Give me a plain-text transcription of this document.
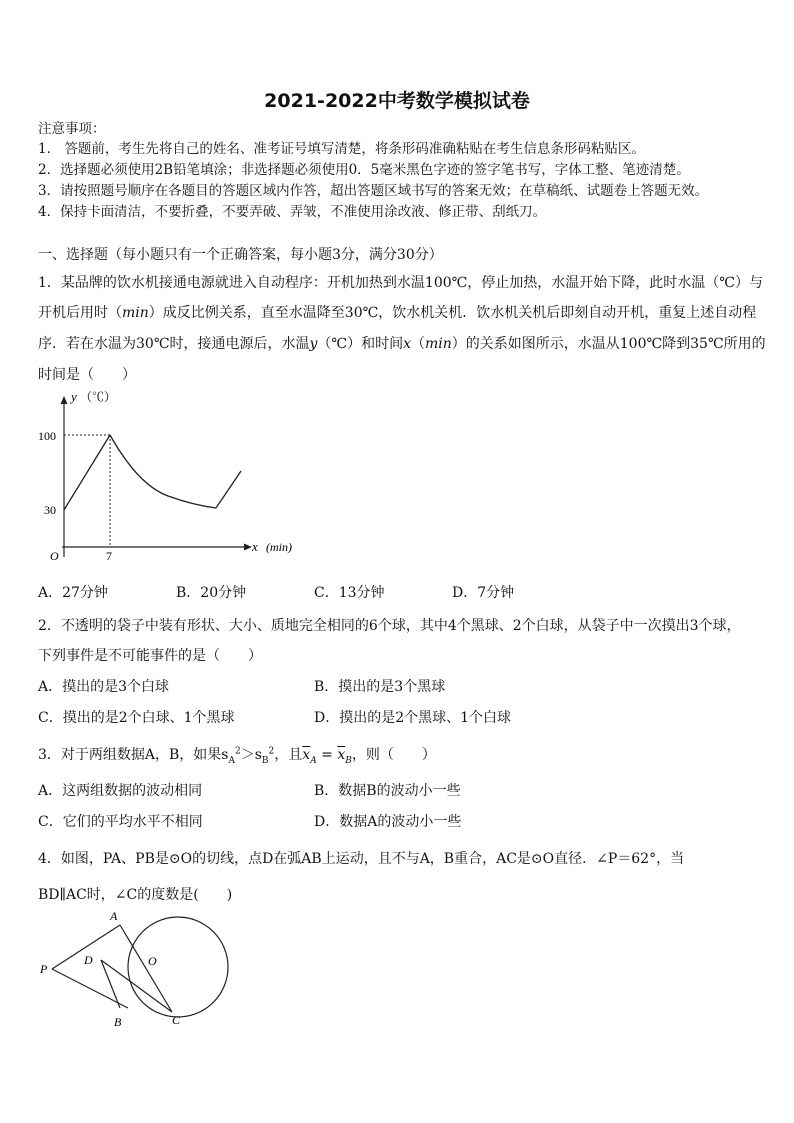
2021-2022中考数学模拟试卷
注意事项：
1． 答题前，考生先将自己的姓名、准考证号填写清楚，将条形码准确粘贴在考生信息条形码粘贴区。
2．选择题必须使用2B铅笔填涂；非选择题必须使用0．5毫米黑色字迹的签字笔书写，字体工整、笔迹清楚。
3．请按照题号顺序在各题目的答题区域内作答，超出答题区域书写的答案无效；在草稿纸、试题卷上答题无效。
4．保持卡面清洁，不要折叠，不要弄破、弄皱，不准使用涂改液、修正带、刮纸刀。
一、选择题（每小题只有一个正确答案，每小题3分，满分30分）
1．某品牌的饮水机接通电源就进入自动程序：开机加热到水温100℃，停止加热，水温开始下降，此时水温（℃）与
开机后用时（min）成反比例关系，直至水温降至30℃，饮水机关机．饮水机关机后即刻自动开机，重复上述自动程
序．若在水温为30℃时，接通电源后，水温y（℃）和时间x（min）的关系如图所示，水温从100℃降到35℃所用的
时间是（　　）
y （℃）
100
30
O	7
x (min)
A．27分钟	B．20分钟	C．13分钟	D．7分钟
2．不透明的袋子中装有形状、大小、质地完全相同的6个球，其中4个黑球、2个白球，从袋子中一次摸出3个球，
下列事件是不可能事件的是（　　）
A．摸出的是3个白球	B．摸出的是3个黑球
C．摸出的是2个白球、1个黑球	D．摸出的是2个黑球、1个白球
3．对于两组数据A，B，如果$s_A^2>s_B^2$，且$\overline{x}_A = \overline{x}_B$，则（　　）
A．这两组数据的波动相同	B．数据B的波动小一些
C．它们的平均水平不相同	D．数据A的波动小一些
4．如图，PA、PB是⊙O的切线，点D在弧AB上运动，且不与A，B重合，AC是⊙O直径．∠P＝62°，当
BD∥AC时，∠C的度数是(　　)
A
O
P
D
B	C
